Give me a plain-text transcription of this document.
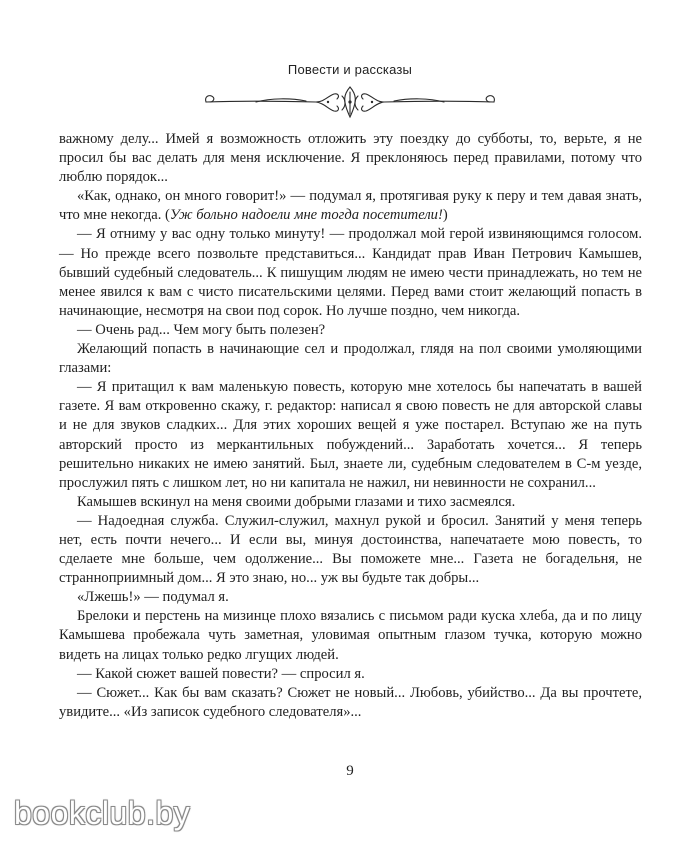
Повести и рассказы

важному делу... Имей я возможность отложить эту поездку до субботы, то, верьте, я не просил бы вас делать для меня исключение. Я преклоняюсь перед правилами, потому что люблю порядок...

«Как, однако, он много говорит!» — подумал я, протягивая руку к перу и тем давая знать, что мне некогда. (Уж больно надоели мне тогда посетители!)

— Я отниму у вас одну только минуту! — продолжал мой герой извиняющимся голосом. — Но прежде всего позвольте представиться... Кандидат прав Иван Петрович Камышев, бывший судебный следователь... К пишущим людям не имею чести принадлежать, но тем не менее явился к вам с чисто писательскими целями. Перед вами стоит желающий попасть в начинающие, несмотря на свои под сорок. Но лучше поздно, чем никогда.

— Очень рад... Чем могу быть полезен?

Желающий попасть в начинающие сел и продолжал, глядя на пол своими умоляющими глазами:

— Я притащил к вам маленькую повесть, которую мне хотелось бы напечатать в вашей газете. Я вам откровенно скажу, г. редактор: написал я свою повесть не для авторской славы и не для звуков сладких... Для этих хороших вещей я уже постарел. Вступаю же на путь авторский просто из меркантильных побуждений... Заработать хочется... Я теперь решительно никаких не имею занятий. Был, знаете ли, судебным следователем в С-м уезде, прослужил пять с лишком лет, но ни капитала не нажил, ни невинности не сохранил...

Камышев вскинул на меня своими добрыми глазами и тихо засмеялся.

— Надоедная служба. Служил-служил, махнул рукой и бросил. Занятий у меня теперь нет, есть почти нечего... И если вы, минуя достоинства, напечатаете мою повесть, то сделаете мне больше, чем одолжение... Вы поможете мне... Газета не богадельня, не странноприимный дом... Я это знаю, но... уж вы будьте так добры...

«Лжешь!» — подумал я.

Брелоки и перстень на мизинце плохо вязались с письмом ради куска хлеба, да и по лицу Камышева пробежала чуть заметная, уловимая опытным глазом тучка, которую можно видеть на лицах только редко лгущих людей.

— Какой сюжет вашей повести? — спросил я.

— Сюжет... Как бы вам сказать? Сюжет не новый... Любовь, убийство... Да вы прочтете, увидите... «Из записок судебного следователя»...

9
bookclub.by
